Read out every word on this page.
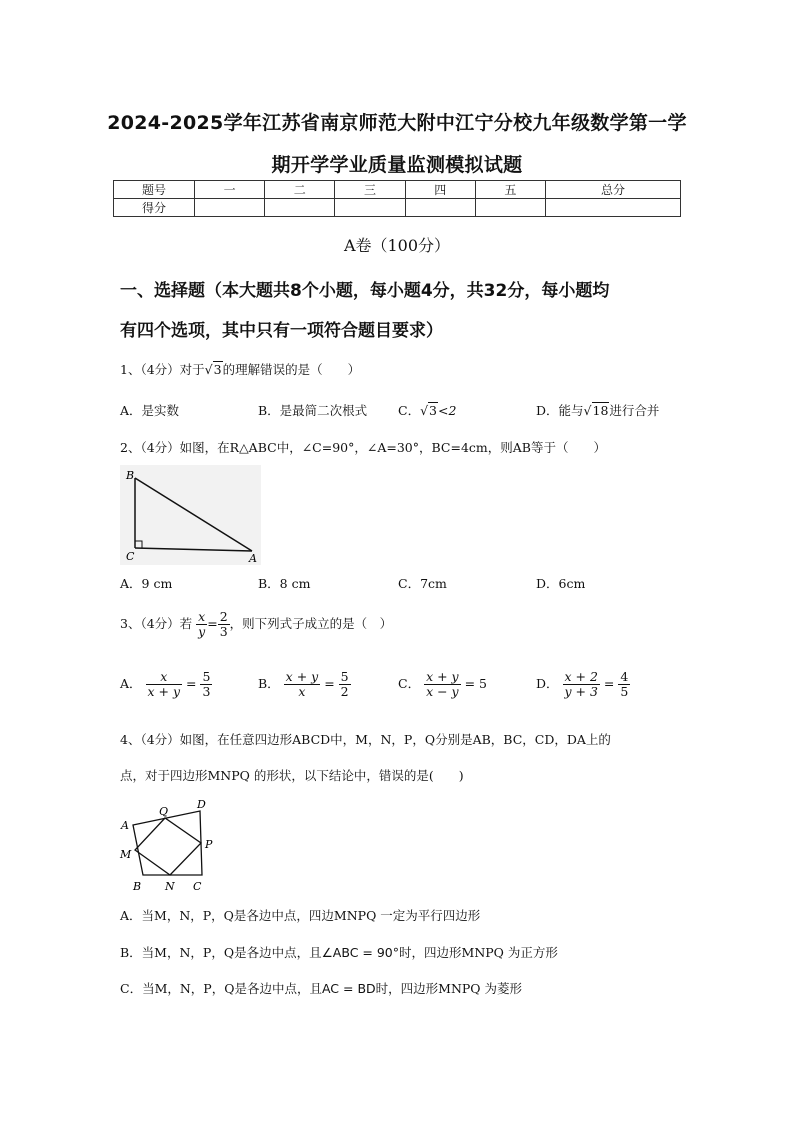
2024-2025学年江苏省南京师范大附中江宁分校九年级数学第一学
期开学学业质量监测模拟试题
题号	一	二	三	四	五	总分
得分						
A卷（100分）
一、选择题（本大题共8个小题，每小题4分，共32分，每小题均
有四个选项，其中只有一项符合题目要求）
1、（4分）对于√3的理解错误的是（　　）
A．是实数	B．是最简二次根式 C．√3<2	D．能与√18进行合并
2、（4分）如图，在R△ABC中，∠C=90°，∠A=30°，BC=4cm，则AB等于（　　）
B
C	A
A．9 cm	B．8 cm	C．7cm	D．6cm
3、（4分）若 $\frac{x}{y} = \frac{2}{3}$ ，则下列式子成立的是（　）
A． $\frac{x}{x + y} = \frac{5}{3}$	B． $\frac{x + y}{x} = \frac{5}{2}$	C． $\frac{x + y}{x - y} = 5$	D． $\frac{x + 2}{y + 3} = \frac{4}{5}$
4、（4分）如图，在任意四边形ABCD中，M，N，P，Q分别是AB，BC，CD，DA上的
点，对于四边形MNPQ 的形状，以下结论中，错误的是(　　)
A
B	C
D
M
N
P
Q
A．当M，N，P，Q是各边中点，四边MNPQ 一定为平行四边形
B．当M，N，P，Q是各边中点，且∠ABC = 90°时，四边形MNPQ 为正方形
C．当M，N，P，Q是各边中点，且AC = BD时，四边形MNPQ 为菱形
